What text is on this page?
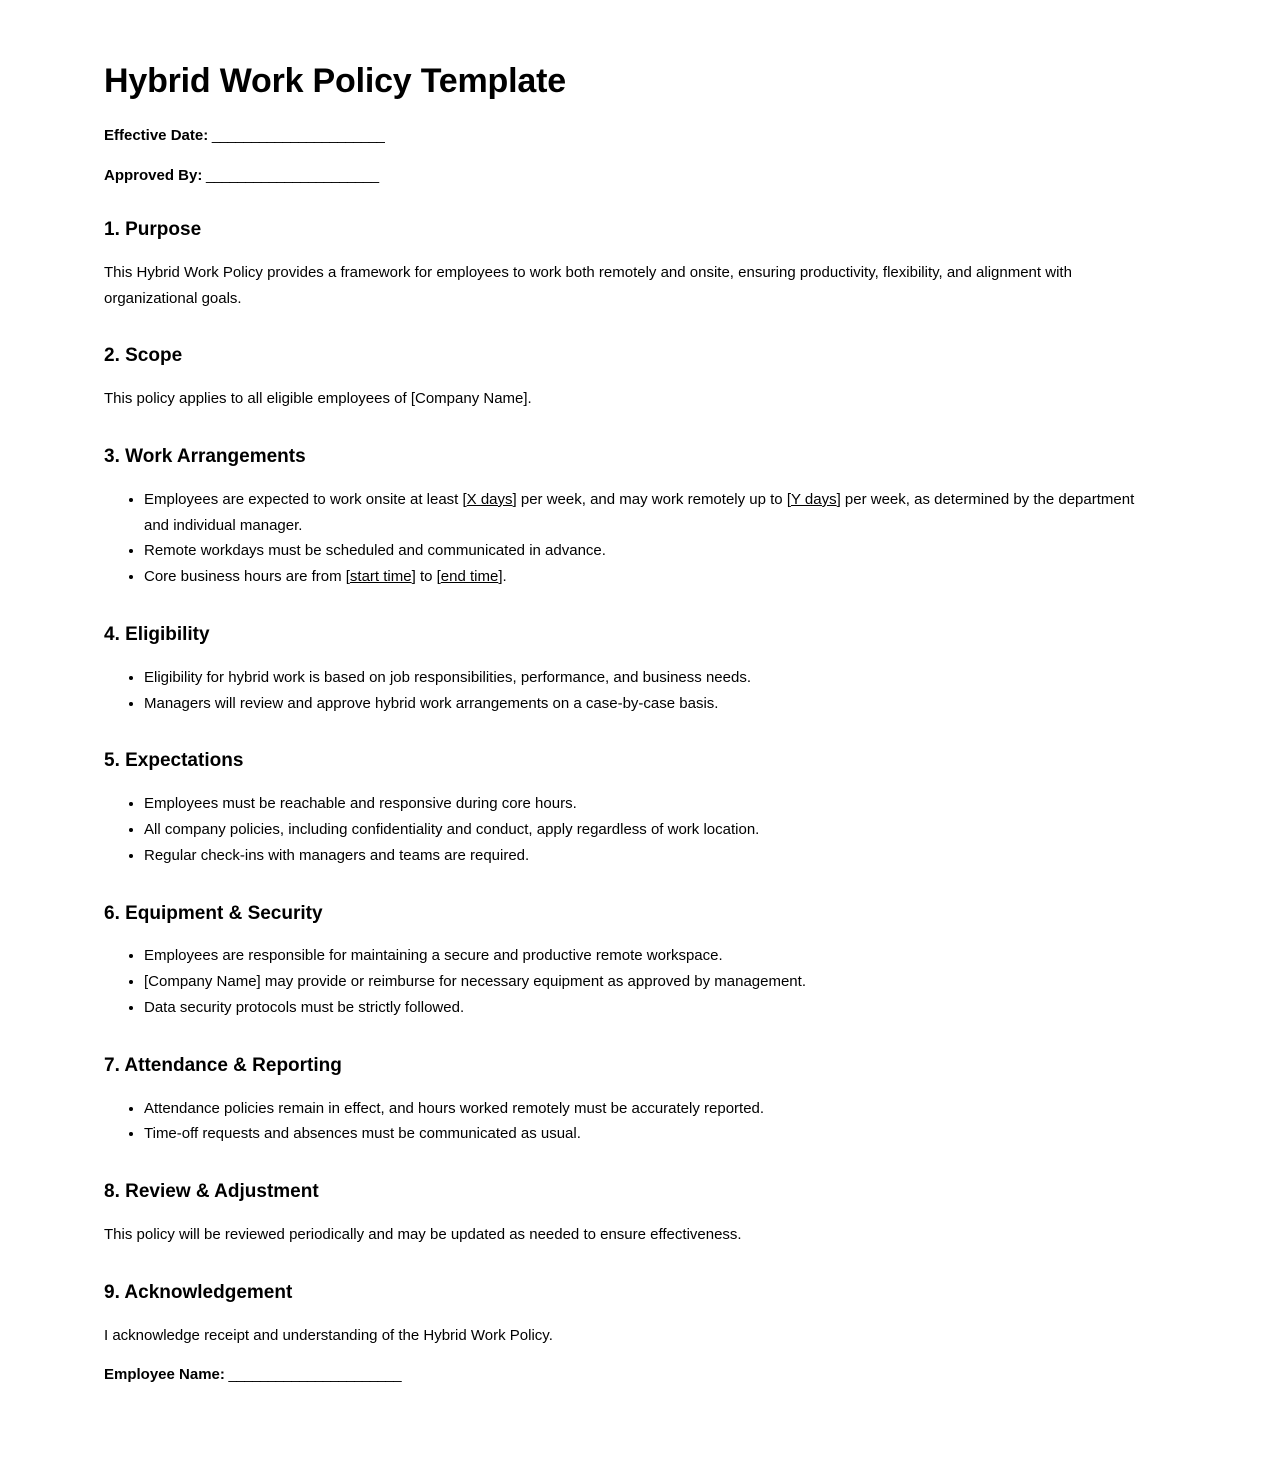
Hybrid Work Policy Template
Effective Date: ______________________
Approved By: ______________________
1. Purpose

This Hybrid Work Policy provides a framework for employees to work both remotely and onsite, ensuring productivity, flexibility, and alignment with organizational goals.

2. Scope

This policy applies to all eligible employees of [Company Name].

3. Work Arrangements
• Employees are expected to work onsite at least [X days] per week, and may work remotely up to [Y days] per week, as determined by the department and individual manager.
• Remote workdays must be scheduled and communicated in advance.
• Core business hours are from [start time] to [end time].
4. Eligibility
• Eligibility for hybrid work is based on job responsibilities, performance, and business needs.
• Managers will review and approve hybrid work arrangements on a case-by-case basis.
5. Expectations
• Employees must be reachable and responsive during core hours.
• All company policies, including confidentiality and conduct, apply regardless of work location.
• Regular check-ins with managers and teams are required.
6. Equipment & Security
• Employees are responsible for maintaining a secure and productive remote workspace.
• [Company Name] may provide or reimburse for necessary equipment as approved by management.
• Data security protocols must be strictly followed.
7. Attendance & Reporting
• Attendance policies remain in effect, and hours worked remotely must be accurately reported.
• Time-off requests and absences must be communicated as usual.
8. Review & Adjustment

This policy will be reviewed periodically and may be updated as needed to ensure effectiveness.

9. Acknowledgement

I acknowledge receipt and understanding of the Hybrid Work Policy.

Employee Name: ______________________
